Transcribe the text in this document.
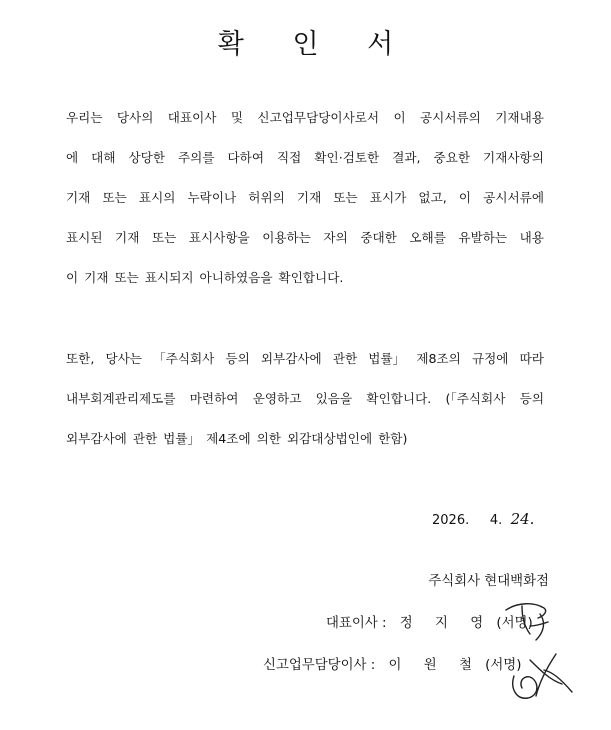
확 인 서
우리는 당사의 대표이사 및 신고업무담당이사로서 이 공시서류의 기재내용
에 대해 상당한 주의를 다하여 직접 확인·검토한 결과, 중요한 기재사항의
기재 또는 표시의 누락이나 허위의 기재 또는 표시가 없고, 이 공시서류에
표시된 기재 또는 표시사항을 이용하는 자의 중대한 오해를 유발하는 내용
이 기재 또는 표시되지 아니하였음을 확인합니다.
또한, 당사는 「주식회사 등의 외부감사에 관한 법률」 제8조의 규정에 따라
내부회계관리제도를 마련하여 운영하고 있음을 확인합니다. (「주식회사 등의
외부감사에 관한 법률」 제4조에 의한 외감대상법인에 한함)
2026. 4. 24.
주식회사 현대백화점
대표이사 : 정 지 영 (서명)
신고업무담당이사 : 이 원 철 (서명)
